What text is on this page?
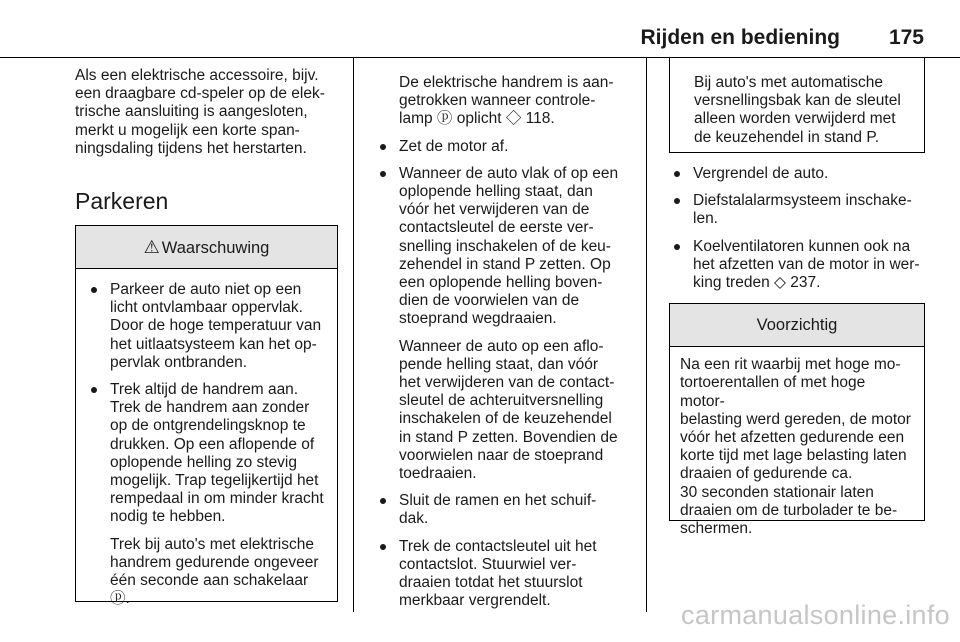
Rijden en bediening	175

Als een elektrische accessoire, bijv.
een draagbare cd-speler op de elek-
trische aansluiting is aangesloten,
merkt u mogelijk een korte span-
ningsdaling tijdens het herstarten.

Parkeren
⚠ Waarschuwing
Parkeer de auto niet op een
licht ontvlambaar oppervlak.
Door de hoge temperatuur van
het uitlaatsysteem kan het op-
pervlak ontbranden.
Trek altijd de handrem aan.
Trek de handrem aan zonder
op de ontgrendelingsknop te
drukken. Op een aflopende of
oplopende helling zo stevig
mogelijk. Trap tegelijkertijd het
rempedaal in om minder kracht
nodig te hebben.
Trek bij auto's met elektrische
handrem gedurende ongeveer
één seconde aan schakelaar
ⓟ.

De elektrische handrem is aan-
getrokken wanneer controle-
lamp ⓟ oplicht ◇ 118.

Zet de motor af.
Wanneer de auto vlak of op een
oplopende helling staat, dan
vóór het verwijderen van de
contactsleutel de eerste ver-
snelling inschakelen of de keu-
zehendel in stand P zetten. Op
een oplopende helling boven-
dien de voorwielen van de
stoeprand wegdraaien.
Wanneer de auto op een aflo-
pende helling staat, dan vóór
het verwijderen van de contact-
sleutel de achteruitversnelling
inschakelen of de keuzehendel
in stand P zetten. Bovendien de
voorwielen naar de stoeprand
toedraaien.
Sluit de ramen en het schuif-
dak.
Trek de contactsleutel uit het
contactslot. Stuurwiel ver-
draaien totdat het stuurslot
merkbaar vergrendelt.

Bij auto's met automatische
versnellingsbak kan de sleutel
alleen worden verwijderd met
de keuzehendel in stand P.

Vergrendel de auto.
Diefstalalarmsysteem inschake-
len.
Koelventilatoren kunnen ook na
het afzetten van de motor in wer-
king treden ◇ 237.
Voorzichtig

Na een rit waarbij met hoge mo-
tortoerentallen of met hoge motor-
belasting werd gereden, de motor
vóór het afzetten gedurende een
korte tijd met lage belasting laten
draaien of gedurende ca.
30 seconden stationair laten
draaien om de turbolader te be-
schermen.

carmanualsonline.info
